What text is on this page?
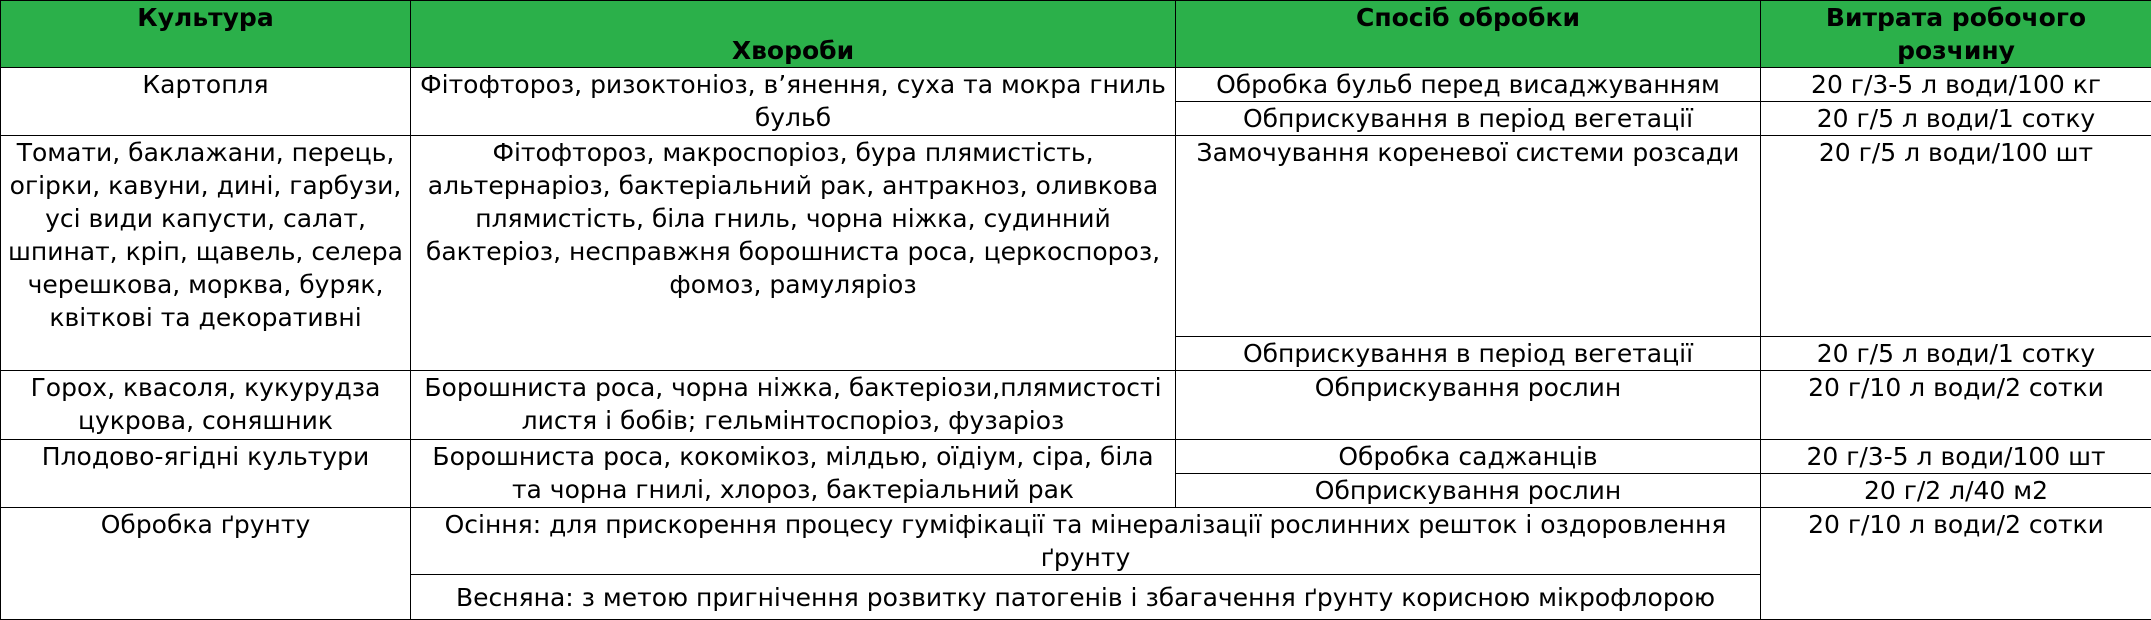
Культура	Хвороби	Спосіб обробки	Витрата робочого розчину
Картопля	Фітофтороз, ризоктоніоз, в’янення, суха та мокра гниль бульб	Обробка бульб перед висаджуванням	20 г/3-5 л води/100 кг
		Обприскування в період вегетації	20 г/5 л води/1 сотку
Томати, баклажани, перець, огірки, кавуни, дині, гарбузи, усі види капусти, салат, шпинат, кріп, щавель, селера черешкова, морква, буряк, квіткові та декоративні	Фітофтороз, макроспоріоз, бура плямистість, альтернаріоз, бактеріальний рак, антракноз, оливкова плямистість, біла гниль, чорна ніжка, судинний бактеріоз, несправжня борошниста роса, церкоспороз, фомоз, рамуляріоз	Замочування кореневої системи розсади	20 г/5 л води/100 шт
		Обприскування в період вегетації	20 г/5 л води/1 сотку
Горох, квасоля, кукурудза цукрова, соняшник	Борошниста роса, чорна ніжка, бактеріози,плямистості листя і бобів; гельмінтоспоріоз, фузаріоз	Обприскування рослин	20 г/10 л води/2 сотки
Плодово-ягідні культури	Борошниста роса, кокомікоз, мілдью, оїдіум, сіра, біла та чорна гнилі, хлороз, бактеріальний рак	Обробка саджанців	20 г/3-5 л води/100 шт
		Обприскування рослин	20 г/2 л/40 м2
Обробка ґрунту	Осіння: для прискорення процесу гуміфікації та мінералізації рослинних решток і оздоровлення ґрунту		20 г/10 л води/2 сотки
	Весняна: з метою пригнічення розвитку патогенів і збагачення ґрунту корисною мікрофлорою		
